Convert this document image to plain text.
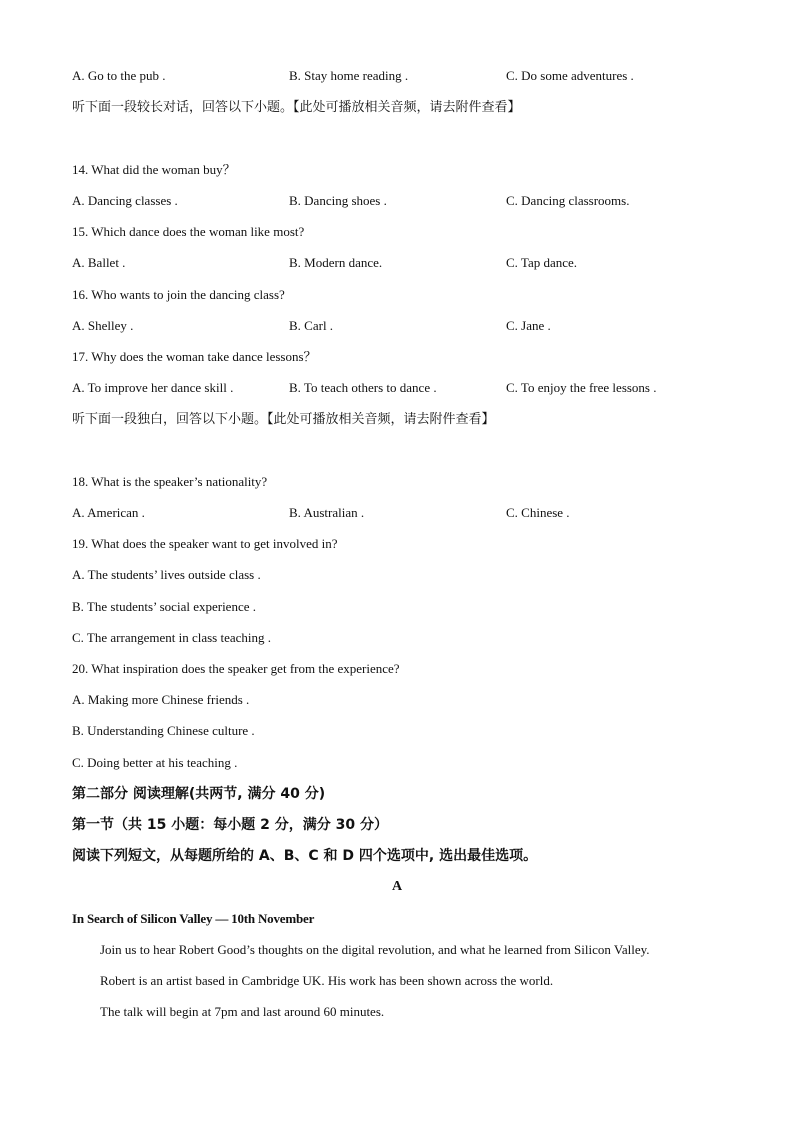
A. Go to the pub .	B. Stay home reading .	C. Do some adventures .
听下面一段较长对话，回答以下小题。【此处可播放相关音频，请去附件查看】
14. What did the woman buy？
A. Dancing classes .	B. Dancing shoes .	C. Dancing classrooms.
15. Which dance does the woman like most?
A. Ballet .	B. Modern dance.	C. Tap dance.
16. Who wants to join the dancing class?
A. Shelley .	B. Carl .	C. Jane .
17. Why does the woman take dance lessons？
A. To improve her dance skill .	B. To teach others to dance .	C. To enjoy the free lessons .
听下面一段独白，回答以下小题。【此处可播放相关音频，请去附件查看】
18. What is the speaker’s nationality?
A. American .	B. Australian .	C. Chinese .
19. What does the speaker want to get involved in?
A. The students’ lives outside class .
B. The students’ social experience .
C. The arrangement in class teaching .
20. What inspiration does the speaker get from the experience?
A. Making more Chinese friends .
B. Understanding Chinese culture .
C. Doing better at his teaching .
第二部分 阅读理解(共两节, 满分 40 分)
第一节（共 15 小题：每小题 2 分，满分 30 分）
阅读下列短文，从每题所给的 A、B、C 和 D 四个选项中, 选出最佳选项。
A
In Search of Silicon Valley — 10th November
Join us to hear Robert Good’s thoughts on the digital revolution, and what he learned from Silicon Valley.
Robert is an artist based in Cambridge UK. His work has been shown across the world.
The talk will begin at 7pm and last around 60 minutes.
